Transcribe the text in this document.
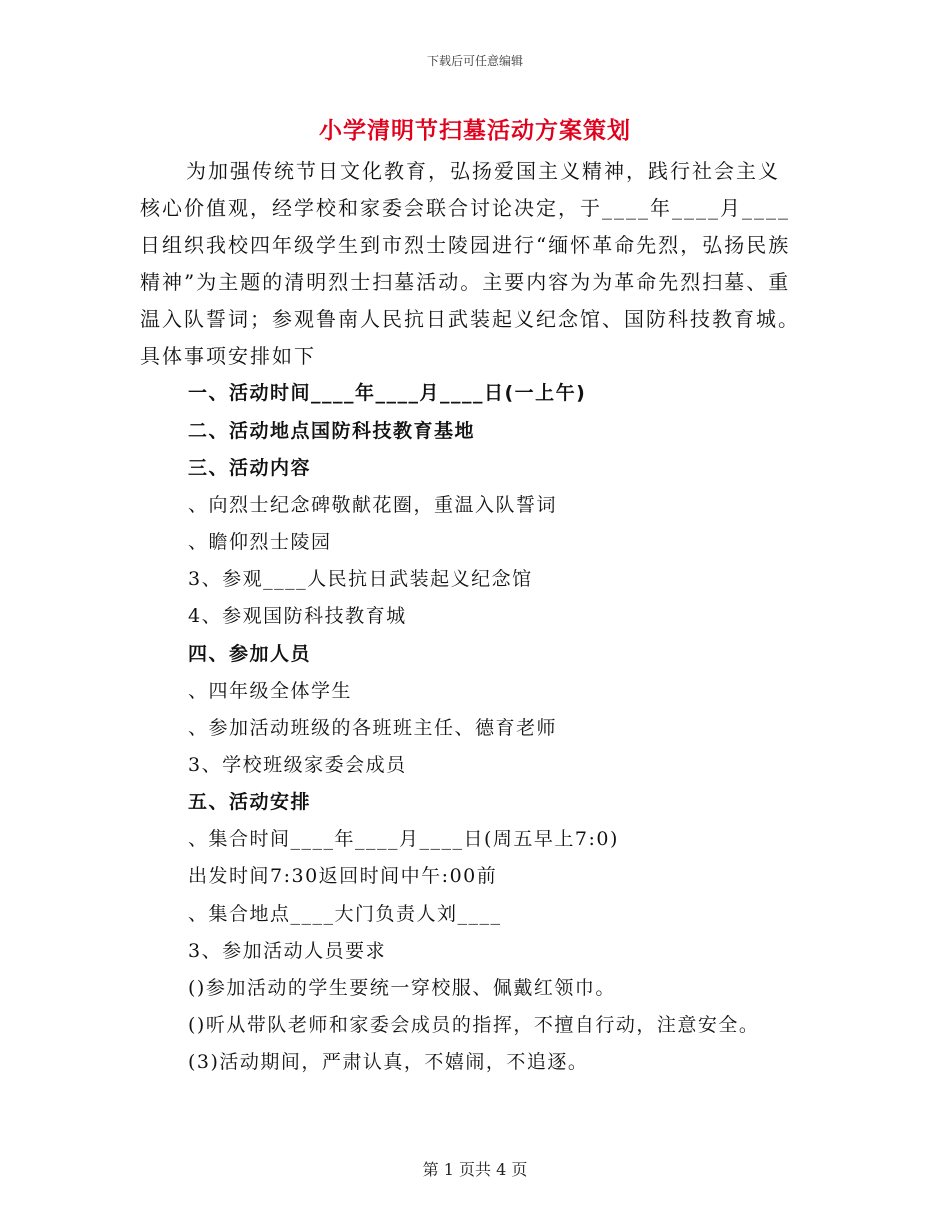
下载后可任意编辑
小学清明节扫墓活动方案策划
为加强传统节日文化教育，弘扬爱国主义精神，践行社会主义核心价值观，经学校和家委会联合讨论决定，于____年____月____日组织我校四年级学生到市烈士陵园进行“缅怀革命先烈，弘扬民族精神”为主题的清明烈士扫墓活动。主要内容为为革命先烈扫墓、重温入队誓词；参观鲁南人民抗日武装起义纪念馆、国防科技教育城。具体事项安排如下
一、活动时间____年____月____日(一上午)
二、活动地点国防科技教育基地
三、活动内容
、向烈士纪念碑敬献花圈，重温入队誓词
、瞻仰烈士陵园
3、参观____人民抗日武装起义纪念馆
4、参观国防科技教育城
四、参加人员
、四年级全体学生
、参加活动班级的各班班主任、德育老师
3、学校班级家委会成员
五、活动安排
、集合时间____年____月____日(周五早上7:0)
出发时间7:30返回时间中午:00前
、集合地点____大门负责人刘____
3、参加活动人员要求
()参加活动的学生要统一穿校服、佩戴红领巾。
()听从带队老师和家委会成员的指挥，不擅自行动，注意安全。
(3)活动期间，严肃认真，不嬉闹，不追逐。
第 1 页共 4 页
